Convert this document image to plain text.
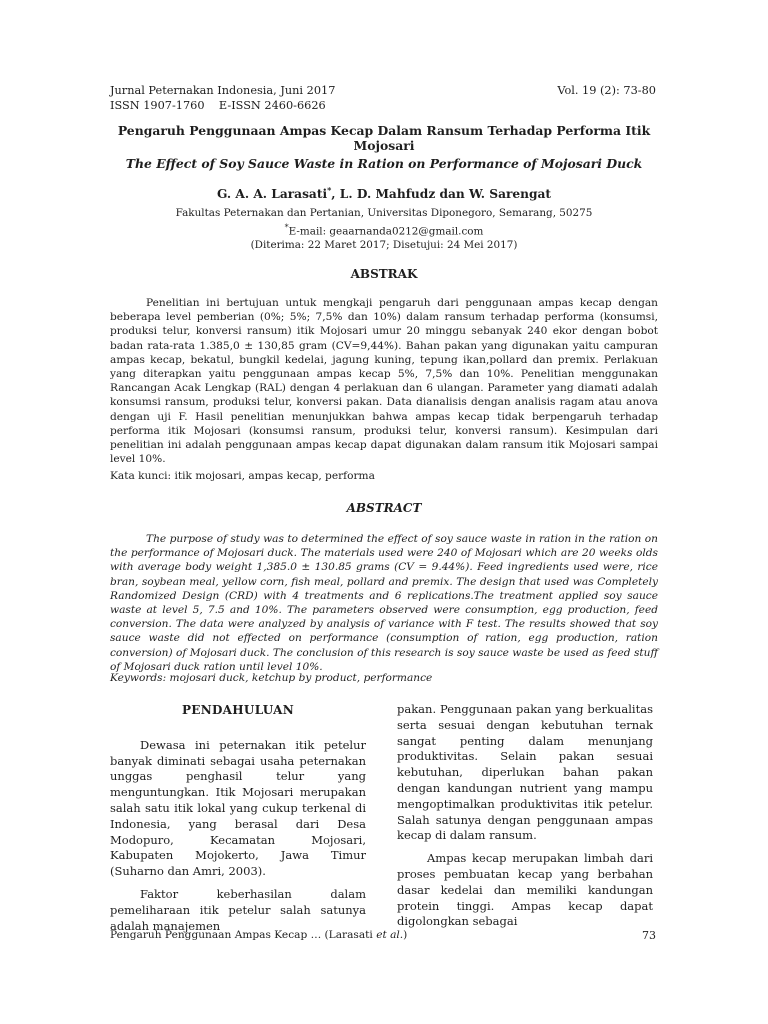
Jurnal Peternakan Indonesia, Juni 2017
ISSN 1907-1760 E-ISSN 2460-6626
Vol. 19 (2): 73-80
Pengaruh Penggunaan Ampas Kecap Dalam Ransum Terhadap Performa Itik Mojosari
The Effect of Soy Sauce Waste in Ration on Performance of Mojosari Duck
G. A. A. Larasati*, L. D. Mahfudz dan W. Sarengat
Fakultas Peternakan dan Pertanian, Universitas Diponegoro, Semarang, 50275
*E-mail: geaarnanda0212@gmail.com
(Diterima: 22 Maret 2017; Disetujui: 24 Mei 2017)
ABSTRAK
Penelitian ini bertujuan untuk mengkaji pengaruh dari penggunaan ampas kecap dengan beberapa level pemberian (0%; 5%; 7,5% dan 10%) dalam ransum terhadap performa (konsumsi, produksi telur, konversi ransum) itik Mojosari umur 20 minggu sebanyak 240 ekor dengan bobot badan rata-rata 1.385,0 ± 130,85 gram (CV=9,44%). Bahan pakan yang digunakan yaitu campuran ampas kecap, bekatul, bungkil kedelai, jagung kuning, tepung ikan,pollard dan premix. Perlakuan yang diterapkan yaitu penggunaan ampas kecap 5%, 7,5% dan 10%. Penelitian menggunakan Rancangan Acak Lengkap (RAL) dengan 4 perlakuan dan 6 ulangan. Parameter yang diamati adalah konsumsi ransum, produksi telur, konversi pakan. Data dianalisis dengan analisis ragam atau anova dengan uji F. Hasil penelitian menunjukkan bahwa ampas kecap tidak berpengaruh terhadap performa itik Mojosari (konsumsi ransum, produksi telur, konversi ransum). Kesimpulan dari penelitian ini adalah penggunaan ampas kecap dapat digunakan dalam ransum itik Mojosari sampai level 10%.
Kata kunci: itik mojosari, ampas kecap, performa
ABSTRACT
The purpose of study was to determined the effect of soy sauce waste in ration in the ration on the performance of Mojosari duck. The materials used were 240 of Mojosari which are 20 weeks olds with average body weight 1,385.0 ± 130.85 grams (CV = 9.44%). Feed ingredients used were, rice bran, soybean meal, yellow corn, fish meal, pollard and premix. The design that used was Completely Randomized Design (CRD) with 4 treatments and 6 replications.The treatment applied soy sauce waste at level 5, 7.5 and 10%. The parameters observed were consumption, egg production, feed conversion. The data were analyzed by analysis of variance with F test. The results showed that soy sauce waste did not effected on performance (consumption of ration, egg production, ration conversion) of Mojosari duck. The conclusion of this research is soy sauce waste be used as feed stuff of Mojosari duck ration until level 10%.
Keywords: mojosari duck, ketchup by product, performance
PENDAHULUAN

Dewasa ini peternakan itik petelur banyak diminati sebagai usaha peternakan unggas penghasil telur yang menguntungkan. Itik Mojosari merupakan salah satu itik lokal yang cukup terkenal di Indonesia, yang berasal dari Desa Modopuro, Kecamatan Mojosari, Kabupaten Mojokerto, Jawa Timur (Suharno dan Amri, 2003).

Faktor keberhasilan dalam pemeliharaan itik petelur salah satunya adalah manajemen

pakan. Penggunaan pakan yang berkualitas serta sesuai dengan kebutuhan ternak sangat penting dalam menunjang produktivitas. Selain pakan sesuai kebutuhan, diperlukan bahan pakan dengan kandungan nutrient yang mampu mengoptimalkan produktivitas itik petelur. Salah satunya dengan penggunaan ampas kecap di dalam ransum.

Ampas kecap merupakan limbah dari proses pembuatan kecap yang berbahan dasar kedelai dan memiliki kandungan protein tinggi. Ampas kecap dapat digolongkan sebagai

Pengaruh Penggunaan Ampas Kecap … (Larasati et al.)	73
